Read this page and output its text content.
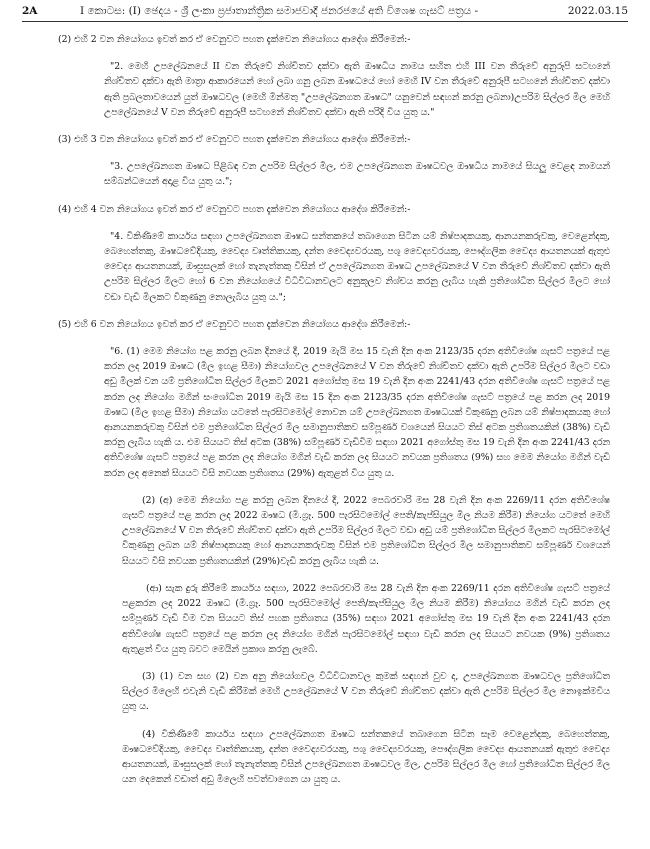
2A	I කොටස: (I) ඡෙදය - ශ්‍රී ලංකා ප්‍රජාතාන්ත්‍රික සමාජවාදී ජනරජයේ අති විශෙෂ ගැසට් පත්‍රය -	2022.03.15

(2) එහි 2 වන නියෝගය ඉවත් කර ඒ වෙනුවට පහත දැක්වෙන නියෝගය ආදේශ කිරීමෙන්:-

"2. මෙහි උපලේඛනයේ II වන තීරුවේ නිශ්චිතව දක්වා ඇති ඖෂධීය නාමය සහිත එහි III වන තීරුවේ අනුරූපි සටහනේ නිශ්චිතව දක්වා ඇති මාත්‍රා ආකාරයෙන් හෝ ලබා ගනු ලබන ඖෂධයේ හෝ මෙහි IV වන තීරුවේ අනුරූපී සටහනේ නිශ්චිතව දක්වා ඇති ප්‍රබලතාවයෙන් යුත් ඖෂධවල (මෙහි මින්මතු "උපලේඛනගත ඖෂධ" යනුවෙන් සඳහන් කරනු ලබනා)උපරිම සිල්ලර මිල මෙහි උපලේඛනයේ V වන තීරුවේ අනුරූපී සටහනේ නිශ්චිතව දක්වා ඇති පරිදි විය යුතු ය."

(3) එහි 3 වන නියෝගය ඉවත් කර ඒ වෙනුවට පහත දැක්වෙන නියෝගය ආදේශ කිරීමෙන්:-

"3. උපලේඛනගත ඖෂධ පිළිබඳ වන උපරිම සිල්ලර මිල, එම උපලේඛනගත ඖෂධවල ඖෂධීය නාමයේ සියලු වෙළඳ නාමයන් සම්බන්ධයෙන් අදාළ විය යුතු ය.";

(4) එහි 4 වන නියෝගය ඉවත් කර ඒ වෙනුවට පහත දැක්වෙන නියෝගය ආදේශ කිරීමෙන්:-

"4. විකිණීමේ කාර්යය සඳහා උපලේඛනගත ඖෂධ සන්තකයේ තබාගෙන සිටින යම් නිෂ්පාදකයකු, ආනයනකරුවකු, වෙළෙන්දකු, බෙහෙත්තකු, ඖෂධවේදියකු, වෛද්‍ය වෘත්තිකයකු, දන්ත වෛද්‍යවරයකු, පශු වෛද්‍යවරයකු, පෞද්ගලික වෛද්‍ය ආයතනයක් ඇතුළු වෛද්‍ය ආයතනයක්, ඖසුසලක් හෝ තැනැත්තකු විසින් ඒ උපලේඛනගත ඖෂධ උපලේඛනයේ V වන තීරුවේ නිශ්චිතව දක්වා ඇති උපරිම සිල්ලර මිලට හෝ 6 වන නියෝගයේ විධිවිධානවලට අනුකූලව නිශ්චය කරනු ලැබිය හැකි ප්‍රතිශෝධිත සිල්ලර මිලට හෝ වඩා වැඩි මිලකට විකුණනු නොලැබිය යුතු ය.";

(5) එහි 6 වන නියෝගය ඉවත් කර ඒ වෙනුවට පහත දැක්වෙන නියෝගය ආදේශ කිරීමෙන්:-

"6. (1) මෙම නියෝග පළ කරනු ලබන දිනයේ දී, 2019 මැයි මස 15 වැනි දින අංක 2123/35 දරන අතිවිශේෂ ගැසට් පත්‍රයේ පළ කරන ලද 2019 ඖෂධ (මිල ඉහළ සීමා) නියෝගවල උපලේඛනයේ V වන තීරුවේ නිශ්චිතව දක්වා ඇති උපරිම සිල්ලර මිලට වඩා අඩු මිලක් වන යම් ප්‍රතිශෝධිත සිල්ලර මිලකට 2021 අගෝස්තු මස 19 වැනි දින අංක 2241/43 දරන අතිවිශේෂ ගැසට් පත්‍රයේ පළ කරන ලද නියෝග මගින් සංශෝධිත 2019 මැයි මස 15 දින අංක 2123/35 දරන අතිවිශේෂ ගැසට් පත්‍රයේ පළ කරන ලද 2019 ඖෂධ (මිල ඉහළ සීමා) නියෝග යටතේ පැරසිටමෝල් නොවන යම් උපලේඛනගත ඖෂධයක් විකුණනු ලබන යම් නිෂ්පාදකයකු හෝ ආනයනකරුවකු විසින් එම ප්‍රතිශෝධිත සිල්ලර මිල සමානුපාතිකව සම්පූර්ණ වශයෙන් සියයට තිස් අටක ප්‍රතිශතයකින් (38%) වැඩි කරනු ලැබිය හැකි ය. එම සියයට තිස් අටක (38%) සම්පූර්ණ වැඩිවීම සඳහා 2021 අගෝස්තු මස 19 වැනි දින අංක 2241/43 දරන අතිවිශේෂ ගැසට් පත්‍රයේ පළ කරන ලද නියෝග මගින් වැඩි කරන ලද සියයට නවයක ප්‍රතිශතය (9%) සහ මෙම නියෝග මගින් වැඩි කරන ලද අනෙක් සියයට විසි නවයක ප්‍රතිශතය (29%) ඇතුළත් විය යුතු ය.

(2) (අ) මෙම නියෝග පළ කරනු ලබන දිනයේ දී, 2022 පෙබරවාරි මස 28 වැනි දින අංක 2269/11 දරන අතිවිශේෂ ගැසට් පත්‍රයේ පළ කරන ලද 2022 ඖෂධ (මි.ග්‍රෑ. 500 පැරසිටමෝල් පෙති/කැප්සියුල මිල නියම කිරීම) නියෝග යටතේ මෙහි උපලේඛනයේ V වන තීරුවේ නිශ්චිතව දක්වා ඇති උපරිම සිල්ලර මිලට වඩා අඩු යම් ප්‍රතිශෝධිත සිල්ලර මිලකට පැරසිටමෝල් විකුණනු ලබන යම් නිෂ්පාදකයකු හෝ ආනයනකරුවකු විසින් එම ප්‍රතිශෝධිත සිල්ලර මිල සමානුපාතිකව සම්පූර්ණ වශයෙන් සියයට විසි නවයක ප්‍රතිශතයකින් (29%)වැඩි කරනු ලැබිය හැකි ය.

(ආ) සැක දුරු කිරීමේ කාර්යය සඳහා, 2022 පෙබරවාරි මස 28 වැනි දින අංක 2269/11 දරන අතිවිශේෂ ගැසට් පත්‍රයේ පළකරන ලද 2022 ඖෂධ (මි.ග්‍රෑ. 500 පැරසිටමෝල් පෙති/කැප්සියුල මිල නියම කිරීම) නියෝගය මගින් වැඩි කරන ලද සම්පූර්ණ වැඩි වීම වන සියයට තිස් පහක ප්‍රතිශතය (35%) සඳහා 2021 අගෝස්තු මස 19 වැනි දින අංක 2241/43 දරන අතිවිශේෂ ගැසට් පත්‍රයේ පළ කරන ලද නියෝග මගින් පැරසිටමෝල් සඳහා වැඩි කරන ලද සියයට නවයක (9%) ප්‍රතිශතය ඇතුළත් විය යුතු බවට මෙයින් ප්‍රකාශ කරනු ලැබේ.

(3) (1) වන සහ (2) වන අනු නියෝගවල විධිවිධානවල කුමක් සඳහන් වුව ද, උපලේඛනගත ඖෂධවල ප්‍රතිශෝධිත සිල්ලර මිලෙහි එවැනි වැඩි කිරීමක් මෙහි උපලේඛනයේ V වන තීරුවේ නිශ්චිතව දක්වා ඇති උපරිම සිල්ලර මිල නොඉක්මවිය යුතු ය.

(4) විකිණීමේ කාර්යය සඳහා උපලේඛනගත ඖෂධ සන්තකයේ තබාගෙන සිටින සෑම වෙළෙන්දකු, බෙහෙත්තකු, ඖෂධවේදියකු, වෛද්‍ය වෘත්තිකයකු, දන්ත වෛද්‍යවරයකු, පශු වෛද්‍යවරයකු, පෞද්ගලික වෛද්‍ය ආයතනයක් ඇතුළු වෛද්‍ය ආයතනයක්, ඖසුසලක් හෝ තැනැත්තකු විසින් උපලේඛනගත ඖෂධවල මිල, උපරිම සිල්ලර මිල හෝ ප්‍රතිශෝධිත සිල්ලර මිල යන දෙකෙන් වඩාත් අඩු මිලෙහි පවත්වාගෙන යා යුතු ය.
